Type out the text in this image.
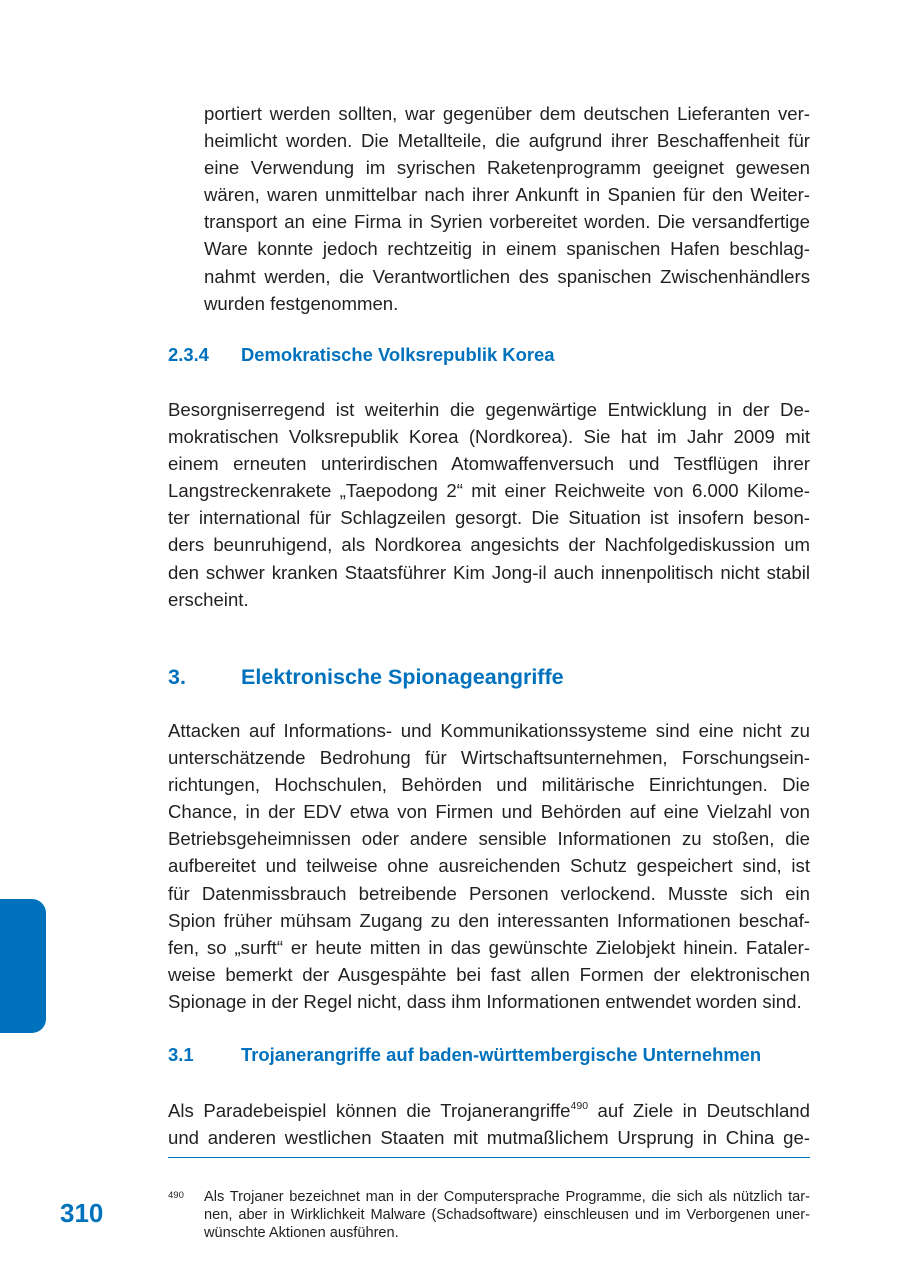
portiert werden sollten, war gegenüber dem deutschen Lieferanten ver-
heimlicht worden. Die Metallteile, die aufgrund ihrer Beschaffenheit für
eine Verwendung im syrischen Raketenprogramm geeignet gewesen
wären, waren unmittelbar nach ihrer Ankunft in Spanien für den Weiter-
transport an eine Firma in Syrien vorbereitet worden. Die versandfertige
Ware konnte jedoch rechtzeitig in einem spanischen Hafen beschlag-
nahmt werden, die Verantwortlichen des spanischen Zwischenhändlers
wurden festgenommen.
2.3.4 Demokratische Volksrepublik Korea
Besorgniserregend ist weiterhin die gegenwärtige Entwicklung in der De-
mokratischen Volksrepublik Korea (Nordkorea). Sie hat im Jahr 2009 mit
einem erneuten unterirdischen Atomwaffenversuch und Testflügen ihrer
Langstreckenrakete „Taepodong 2“ mit einer Reichweite von 6.000 Kilome-
ter international für Schlagzeilen gesorgt. Die Situation ist insofern beson-
ders beunruhigend, als Nordkorea angesichts der Nachfolgediskussion um
den schwer kranken Staatsführer Kim Jong-il auch innenpolitisch nicht stabil
erscheint.
3.	Elektronische Spionageangriffe
Attacken auf Informations- und Kommunikationssysteme sind eine nicht zu
unterschätzende Bedrohung für Wirtschaftsunternehmen, Forschungsein-
richtungen, Hochschulen, Behörden und militärische Einrichtungen. Die
Chance, in der EDV etwa von Firmen und Behörden auf eine Vielzahl von
Betriebsgeheimnissen oder andere sensible Informationen zu stoßen, die
aufbereitet und teilweise ohne ausreichenden Schutz gespeichert sind, ist
für Datenmissbrauch betreibende Personen verlockend. Musste sich ein
Spion früher mühsam Zugang zu den interessanten Informationen beschaf-
fen, so „surft“ er heute mitten in das gewünschte Zielobjekt hinein. Fataler-
weise bemerkt der Ausgespähte bei fast allen Formen der elektronischen
Spionage in der Regel nicht, dass ihm Informationen entwendet worden sind.
3.1	Trojanerangriffe auf baden-württembergische Unternehmen
Als Paradebeispiel können die Trojanerangriffe$^{490}$ auf Ziele in Deutschland
und anderen westlichen Staaten mit mutmaßlichem Ursprung in China ge-

490 Als Trojaner bezeichnet man in der Computersprache Programme, die sich als nützlich tar-
nen, aber in Wirklichkeit Malware (Schadsoftware) einschleusen und im Verborgenen uner-
wünschte Aktionen ausführen.

310
